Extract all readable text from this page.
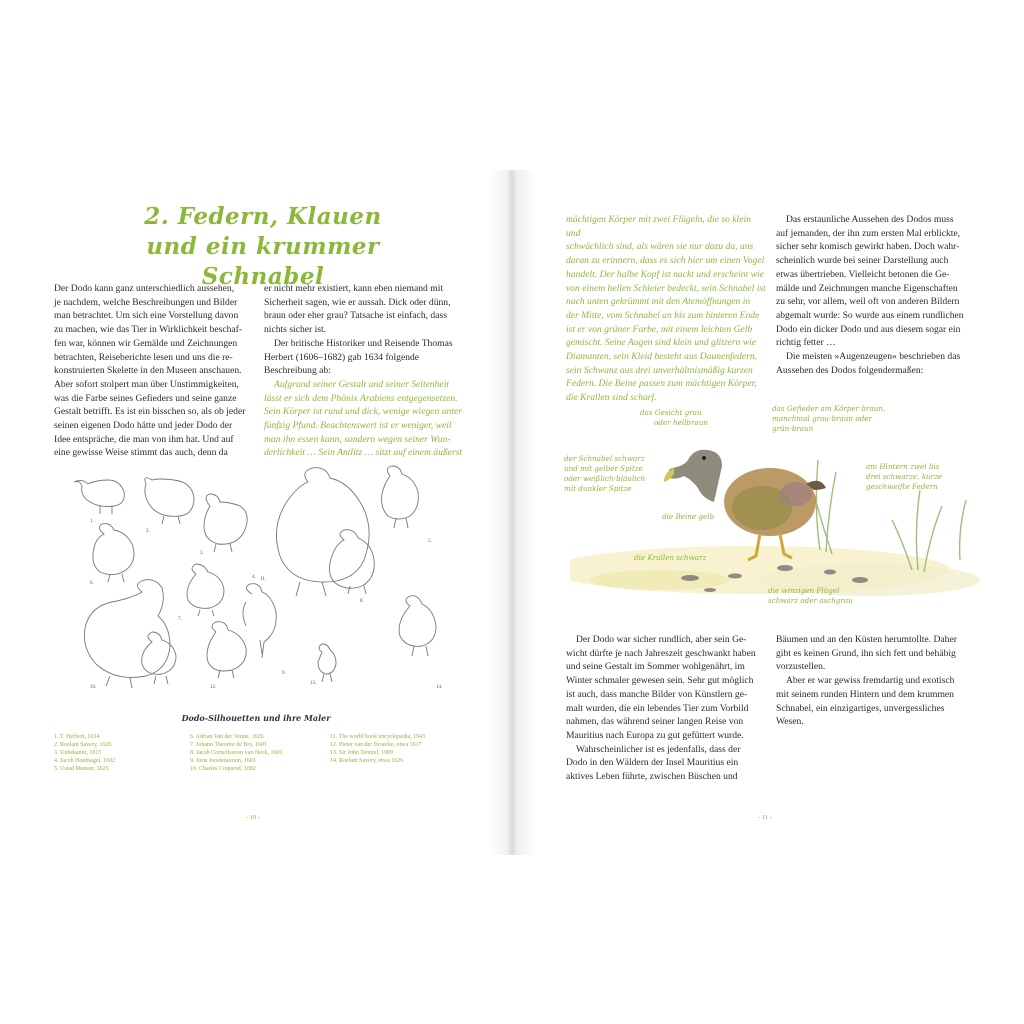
2. Federn, Klauen
und ein krummer Schnabel

Der Dodo kann ganz unterschiedlich aussehen,
je nachdem, welche Beschreibungen und Bilder
man betrachtet. Um sich eine Vorstellung davon
zu machen, wie das Tier in Wirklichkeit beschaf-
fen war, können wir Gemälde und Zeichnungen
betrachten, Reiseberichte lesen und uns die re-
konstruierten Skelette in den Museen anschauen.
Aber sofort stolpert man über Unstimmigkeiten,
was die Farbe seines Gefieders und seine ganze
Gestalt betrifft. Es ist ein bisschen so, als ob jeder
seinen eigenen Dodo hätte und jeder Dodo der
Idee entspräche, die man von ihm hat. Und auf
eine gewisse Weise stimmt das auch, denn da

er nicht mehr existiert, kann eben niemand mit
Sicherheit sagen, wie er aussah. Dick oder dünn,
braun oder eher grau? Tatsache ist einfach, dass
nichts sicher ist.

Der britische Historiker und Reisende Thomas
Herbert (1606–1682) gab 1634 folgende
Beschreibung ab:

Aufgrund seiner Gestalt und seiner Seltenheit
lässt er sich dem Phönix Arabiens entgegensetzen.
Sein Körper ist rund und dick, wenige wiegen unter
fünfzig Pfund. Beachtenswert ist er weniger, weil
man ihn essen kann, sondern wegen seiner Wun-
derlichkeit … Sein Antlitz … sitzt auf einem äußerst

1.
2.
3.
4.
5.
6.
7.
8.
9.
10.
11.
12.
13.
14.
Dodo-Silhouetten und ihre Maler
1. T. Herbert, 1634
2. Roelant Savery, 1626
3. Unbekannt, 1815
4. Jacob Hoefnagel, 1602
5. Ustad Mansur, 1625
6. Adrian Van der Venne, 1626
7. Johann Theodor de Bry, 1601
8. Jacob Corneliszoon van Neck, 1601
9. Joris Joostenszoon, 1601
10. Charles Coquerel, 1882
11. The world book encyclopedia, 1943
12. Pieter van der Broecke, etwa 1617
13. Sir John Tenniel, 1909
14. Roelant Savery, etwa 1626
- 10 -

mächtigen Körper mit zwei Flügeln, die so klein und
schwächlich sind, als wären sie nur dazu da, uns
daran zu erinnern, dass es sich hier um einen Vogel
handelt. Der halbe Kopf ist nackt und erscheint wie
von einem hellen Schleier bedeckt, sein Schnabel ist
nach unten gekrümmt mit den Atemöffnungen in
der Mitte, vom Schnabel an bis zum hinteren Ende
ist er von grüner Farbe, mit einem leichten Gelb
gemischt. Seine Augen sind klein und glitzern wie
Diamanten, sein Kleid besteht aus Daunenfedern,
sein Schwanz aus drei unverhältnismäßig kurzen
Federn. Die Beine passen zum mächtigen Körper,
die Krallen sind scharf.

Das erstaunliche Aussehen des Dodos muss
auf jemanden, der ihn zum ersten Mal erblickte,
sicher sehr komisch gewirkt haben. Doch wahr-
scheinlich wurde bei seiner Darstellung auch
etwas übertrieben. Vielleicht betonen die Ge-
mälde und Zeichnungen manche Eigenschaften
zu sehr, vor allem, weil oft von anderen Bildern
abgemalt wurde: So wurde aus einem rundlichen
Dodo ein dicker Dodo und aus diesem sogar ein
richtig fetter …

Die meisten »Augenzeugen« beschrieben das
Aussehen des Dodos folgendermaßen:

das Gesicht grau
oder hellbraun
das Gefieder am Körper braun,
manchmal grau-braun oder
grün-braun
der Schnabel schwarz
und mit gelber Spitze
oder weißlich-bläulich
mit dunkler Spitze
am Hintern zwei bis
drei schwarze, kurze
geschweifte Federn
die Beine gelb
die Krallen schwarz
die winzigen Flügel
schwarz oder aschgrau

Der Dodo war sicher rundlich, aber sein Ge-
wicht dürfte je nach Jahreszeit geschwankt haben
und seine Gestalt im Sommer wohlgenährt, im
Winter schmaler gewesen sein. Sehr gut möglich
ist auch, dass manche Bilder von Künstlern ge-
malt wurden, die ein lebendes Tier zum Vorbild
nahmen, das während seiner langen Reise von
Mauritius nach Europa zu gut gefüttert wurde.

Wahrscheinlicher ist es jedenfalls, dass der
Dodo in den Wäldern der Insel Mauritius ein
aktives Leben führte, zwischen Büschen und

Bäumen und an den Küsten herumtollte. Daher
gibt es keinen Grund, ihn sich fett und behäbig
vorzustellen.

Aber er war gewiss fremdartig und exotisch
mit seinem runden Hintern und dem krummen
Schnabel, ein einzigartiges, unvergessliches
Wesen.

- 11 -
